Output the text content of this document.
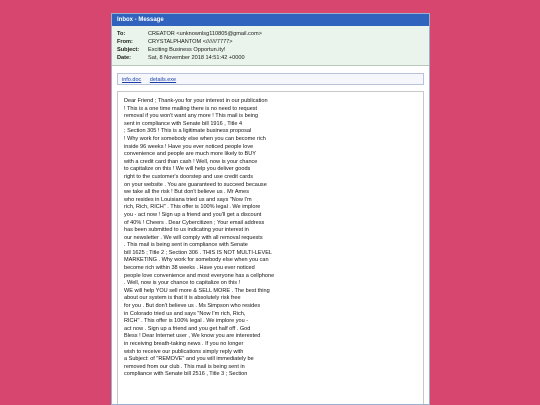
Inbox - Message
To:	CREATOR <unknownlsg110805@gmail.com>
From:	CRYSTALPHANTOM <///////7777>
Subject:	Exciting Business Opportun.ity!
Date:	Sat, 8 November 2018 14:51:42 +0000
info.doc details.exe
Dear Friend ; Thank-you for your interest in our publication
! This is a one time mailing there is no need to request
removal if you won't want any more ! This mail is being
sent in compliance with Senate bill 1916 , Title 4
; Section 305 ! This is a ligitimate business proposal
! Why work for somebody else when you can become rich
inside 96 weeks ! Have you ever noticed people love
convenience and people are much more likely to BUY
with a credit card than cash ! Well, now is your chance
to capitalize on this ! We will help you deliver goods
right to the customer's doorstep and use credit cards
on your website . You are guaranteed to succeed because
we take all the risk ! But don't believe us . Mr Ames
who resides in Louisiana tried us and says "Now I'm
rich, Rich, RICH" . This offer is 100% legal . We implore
you - act now ! Sign up a friend and you'll get a discount
of 40% ! Cheers . Dear Cybercitizen ; Your email address
has been submitted to us indicating your interest in
our newsletter . We will comply with all removal requests
. This mail is being sent in compliance with Senate
bill 1625 ; Title 2 ; Section 306 . THIS IS NOT MULTI-LEVEL
MARKETING . Why work for somebody else when you can
become rich within 38 weeks . Have you ever noticed
people love convenience and most everyone has a cellphone
. Well, now is your chance to capitalize on this !
WE will help YOU sell more & SELL MORE . The best thing
about our system is that it is absolutely risk free
for you . But don't believe us . Ms Simpson who resides
in Colorado tried us and says "Now I'm rich, Rich,
RICH" . This offer is 100% legal . We implore you -
act now . Sign up a friend and you get half off . God
Bless ! Dear Internet user , We know you are interested
in receiving breath-taking news . If you no longer
wish to receive our publications simply reply with
a Subject: of "REMOVE" and you will immediately be
removed from our club . This mail is being sent in
compliance with Senate bill 2516 , Title 3 ; Section
